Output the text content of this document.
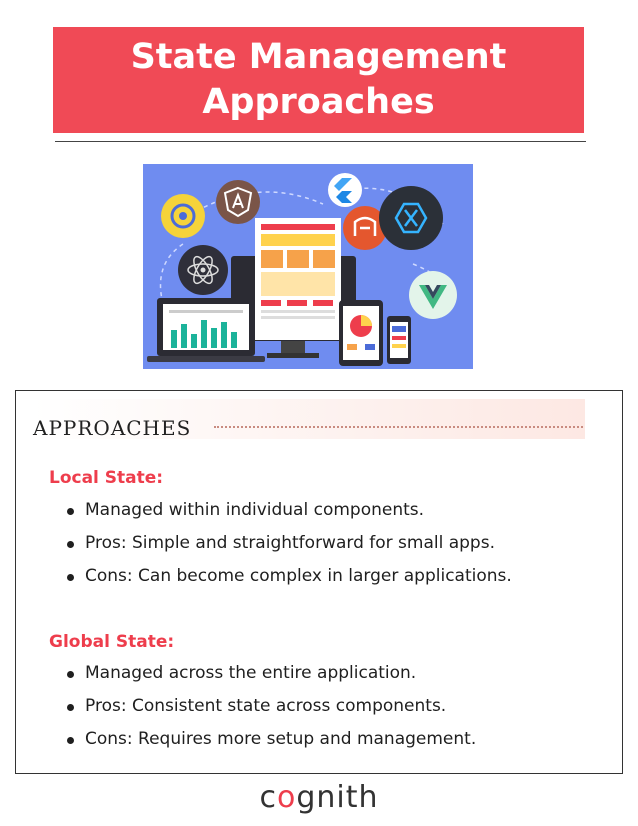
State Management Approaches
APPROACHES
Local State:
Managed within individual components.
Pros: Simple and straightforward for small apps.
Cons: Can become complex in larger applications.
Global State:
Managed across the entire application.
Pros: Consistent state across components.
Cons: Requires more setup and management.
cognith
